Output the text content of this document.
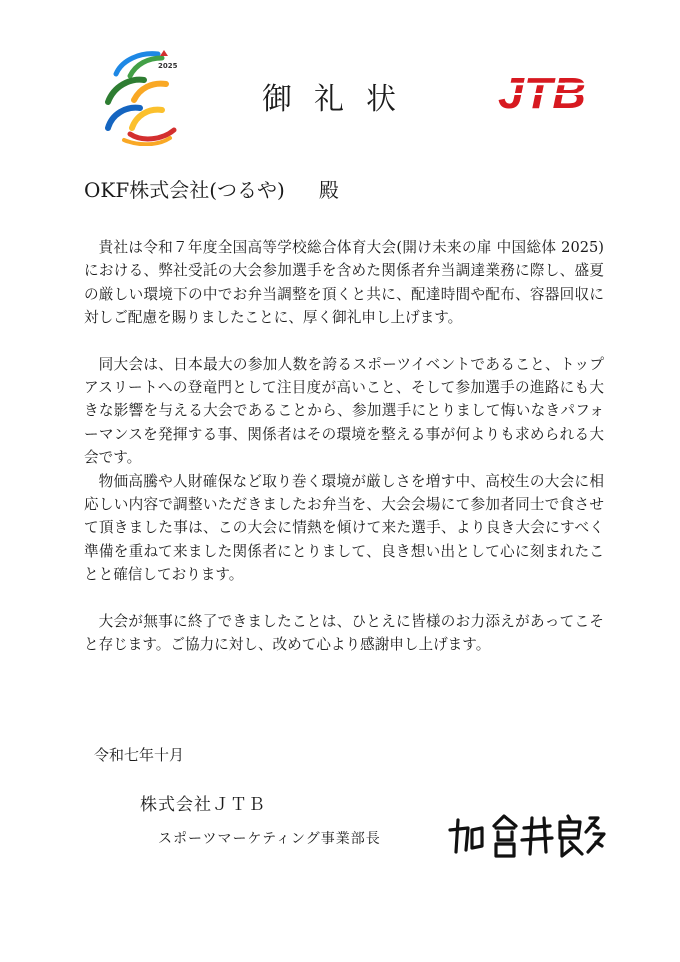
2025
御礼状	JTB
OKF株式会社(つるや) 殿

貴社は令和７年度全国高等学校総合体育大会(開け未来の扉 中国総体 2025) における、弊社受託の大会参加選手を含めた関係者弁当調達業務に際し、盛夏の厳しい環境下の中でお弁当調整を頂くと共に、配達時間や配布、容器回収に対しご配慮を賜りましたことに、厚く御礼申し上げます。

同大会は、日本最大の参加人数を誇るスポーツイベントであること、トップアスリートへの登竜門として注目度が高いこと、そして参加選手の進路にも大きな影響を与える大会であることから、参加選手にとりまして悔いなきパフォーマンスを発揮する事、関係者はその環境を整える事が何よりも求められる大会です。

物価高騰や人財確保など取り巻く環境が厳しさを増す中、高校生の大会に相応しい内容で調整いただきましたお弁当を、大会会場にて参加者同士で食させて頂きました事は、この大会に情熱を傾けて来た選手、より良き大会にすべく準備を重ねて来ました関係者にとりまして、良き想い出として心に刻まれたことと確信しております。

大会が無事に終了できましたことは、ひとえに皆様のお力添えがあってこそと存じます。ご協力に対し、改めて心より感謝申し上げます。

令和七年十月
株式会社ＪＴＢ
スポーツマーケティング事業部長
